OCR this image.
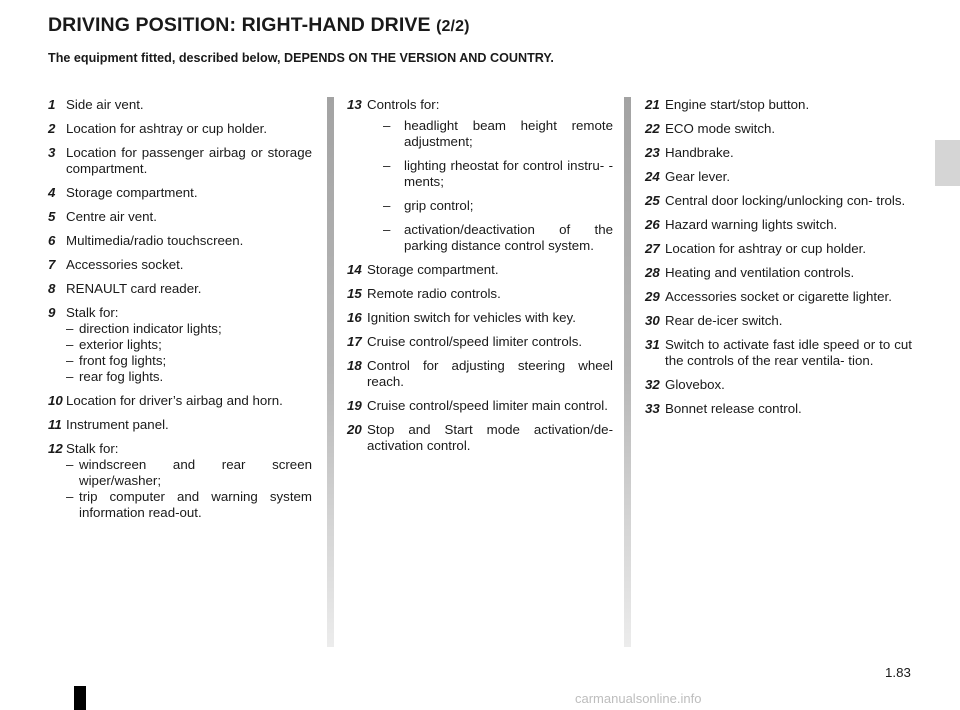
DRIVING POSITION: RIGHT-HAND DRIVE (2/2)
The equipment fitted, described below, DEPENDS ON THE VERSION AND COUNTRY.
1 Side air vent.
2 Location for ashtray or cup holder.
3 Location for passenger airbag or storage compartment.
4 Storage compartment.
5 Centre air vent.
6 Multimedia/radio touchscreen.
7 Accessories socket.
8 RENAULT card reader.
9 Stalk for:
– direction indicator lights;
– exterior lights;
– front fog lights;
– rear fog lights.
10 Location for driver’s airbag and horn.
11 Instrument panel.
12 Stalk for:
– windscreen and rear screen wiper/washer;
– trip computer and warning system information read-out.
13 Controls for:
– headlight beam height remote adjustment;
– lighting rheostat for control instru- - ments;
– grip control;
– activation/deactivation of the parking distance control system.
14 Storage compartment.
15 Remote radio controls.
16 Ignition switch for vehicles with key.
17 Cruise control/speed limiter controls.
18 Control for adjusting steering wheel reach.
19 Cruise control/speed limiter main control.
20 Stop and Start mode activation/de- activation control.
21 Engine start/stop button.
22 ECO mode switch.
23 Handbrake.
24 Gear lever.
25 Central door locking/unlocking con- trols.
26 Hazard warning lights switch.
27 Location for ashtray or cup holder.
28 Heating and ventilation controls.
29 Accessories socket or cigarette lighter.
30 Rear de-icer switch.
31 Switch to activate fast idle speed or to cut the controls of the rear ventila- tion.
32 Glovebox.
33 Bonnet release control.
1.83
carmanualsonline.info
